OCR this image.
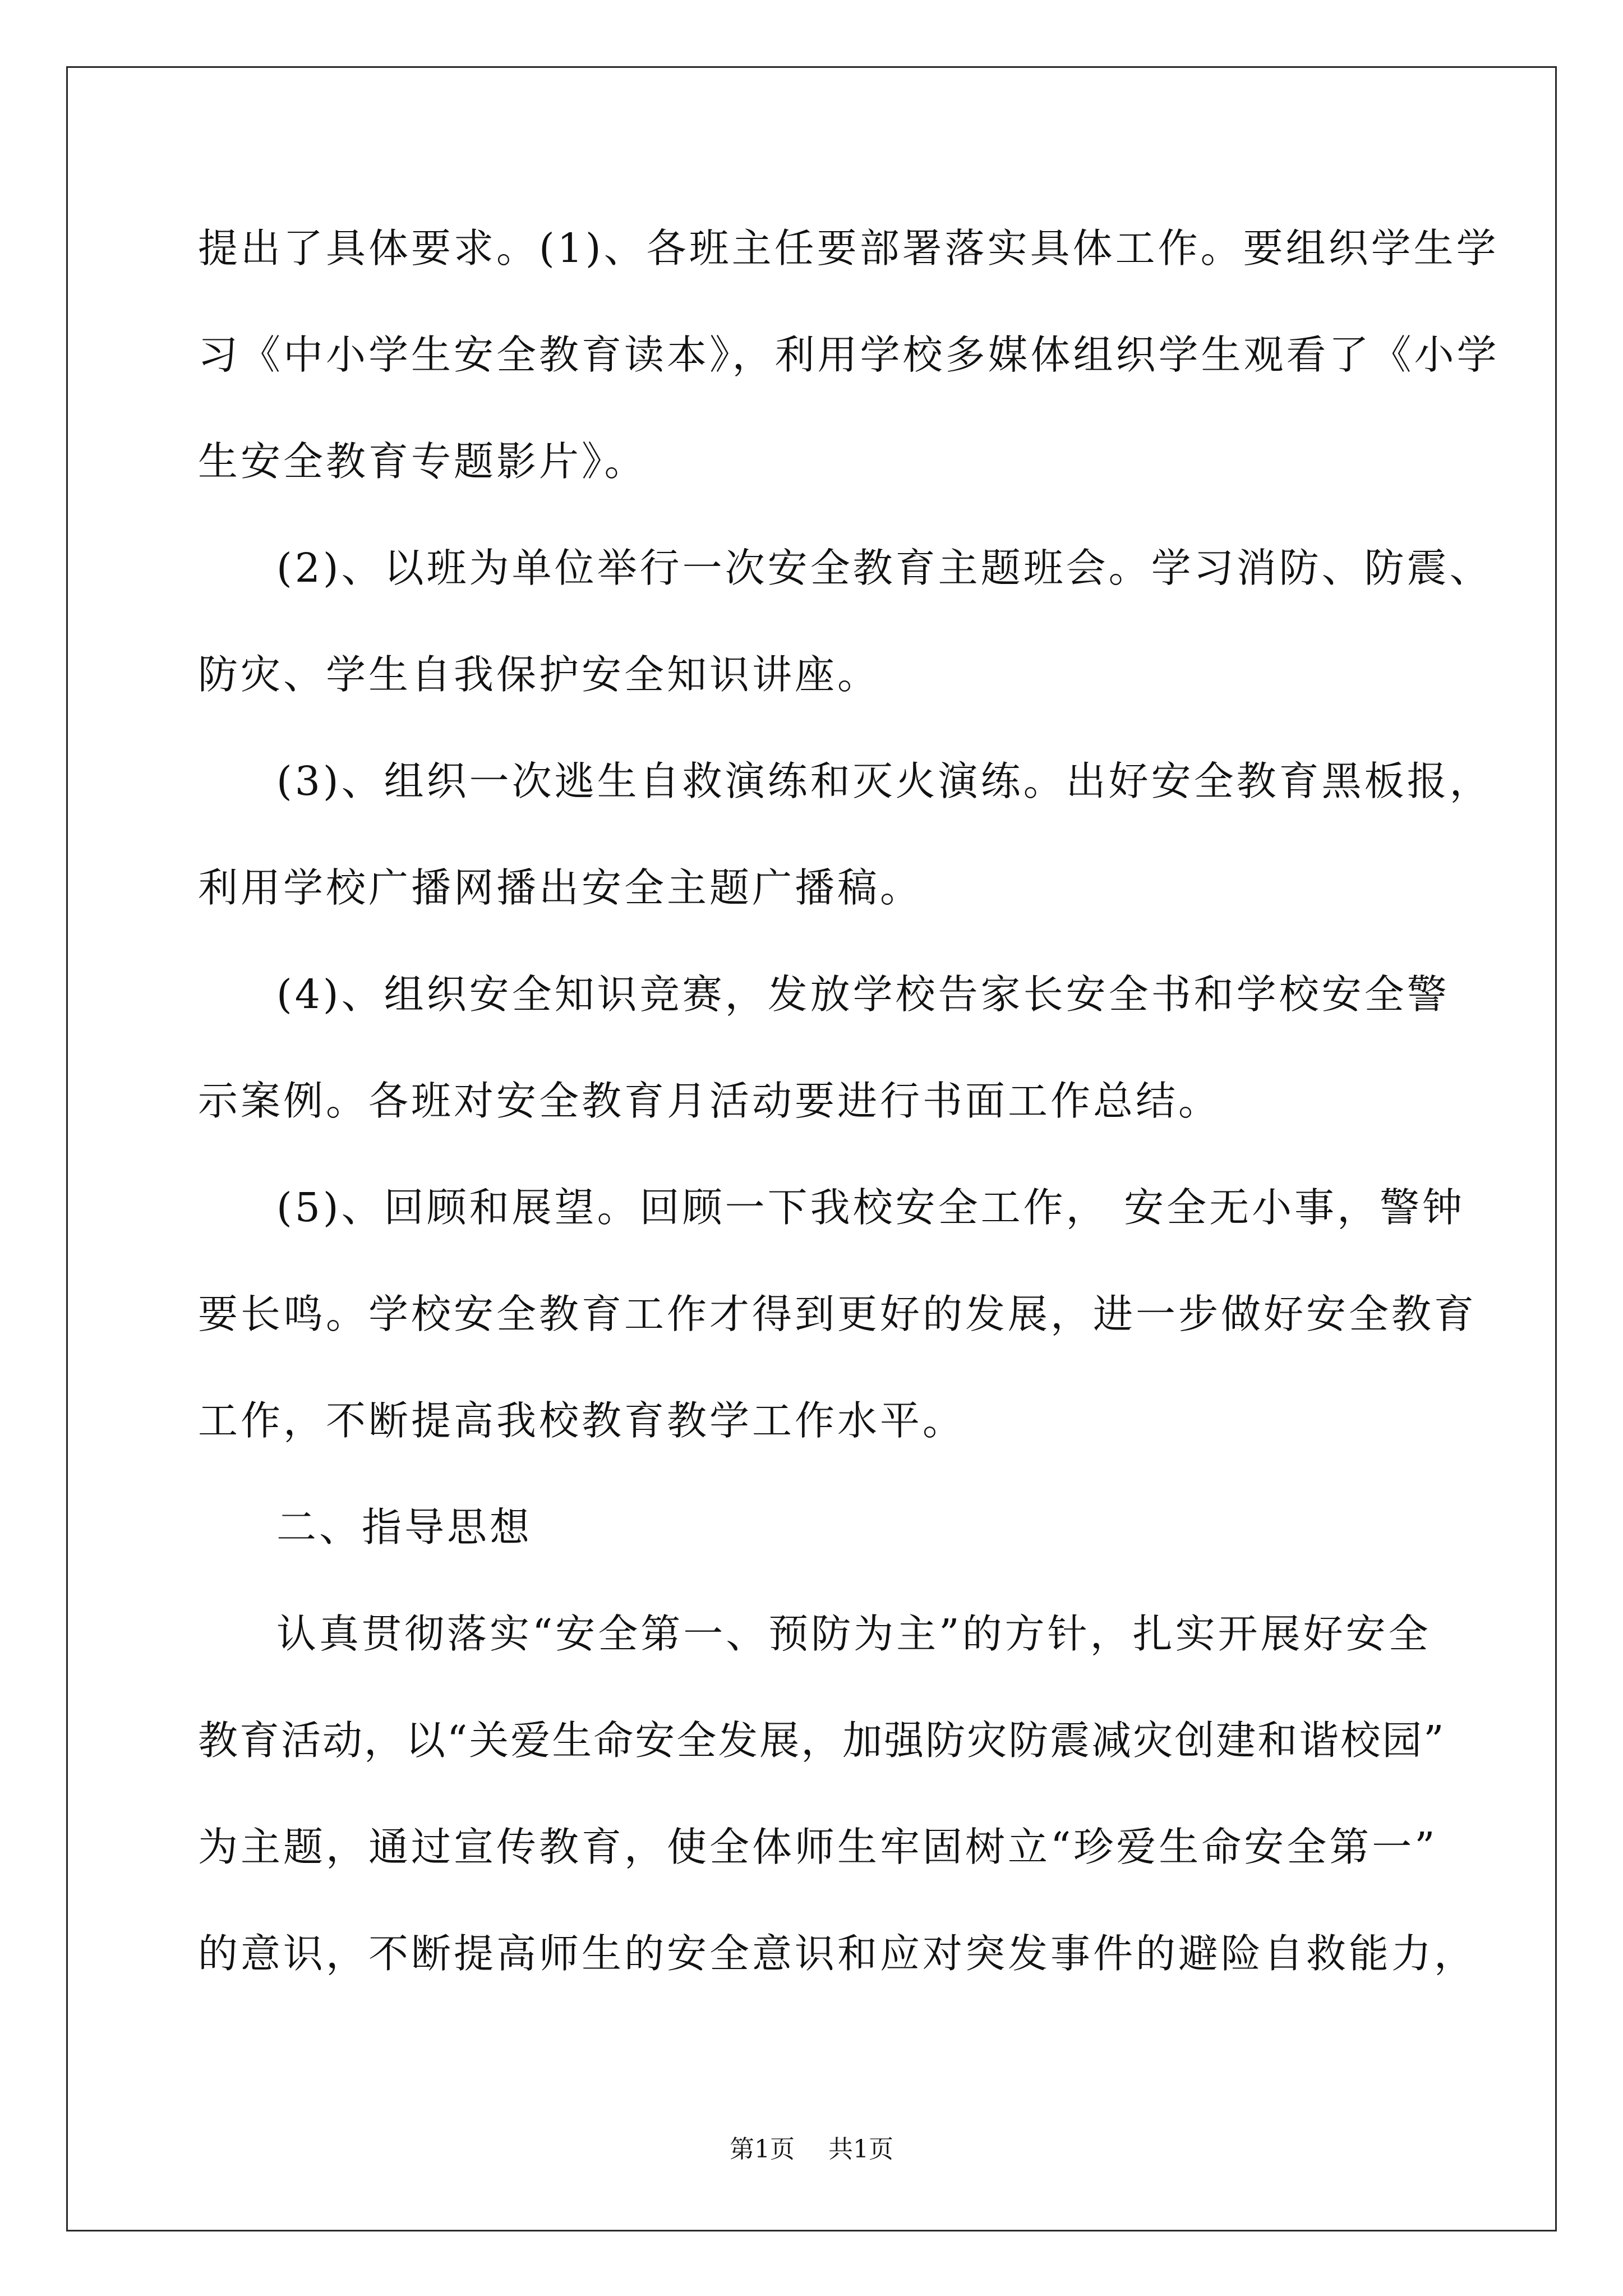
提出了具体要求。(1)、各班主任要部署落实具体工作。要组织学生学
习《中小学生安全教育读本》，利用学校多媒体组织学生观看了《小学
生安全教育专题影片》。
(2)、以班为单位举行一次安全教育主题班会。学习消防、防震、
防灾、学生自我保护安全知识讲座。
(3)、组织一次逃生自救演练和灭火演练。出好安全教育黑板报，
利用学校广播网播出安全主题广播稿。
(4)、组织安全知识竞赛，发放学校告家长安全书和学校安全警
示案例。各班对安全教育月活动要进行书面工作总结。
(5)、回顾和展望。回顾一下我校安全工作， 安全无小事，警钟
要长鸣。学校安全教育工作才得到更好的发展，进一步做好安全教育
工作，不断提高我校教育教学工作水平。
二、指导思想
认真贯彻落实“安全第一、预防为主”的方针，扎实开展好安全
教育活动，以“关爱生命安全发展，加强防灾防震减灾创建和谐校园”
为主题，通过宣传教育，使全体师生牢固树立“珍爱生命安全第一”
的意识，不断提高师生的安全意识和应对突发事件的避险自救能力，
第1页 共1页
